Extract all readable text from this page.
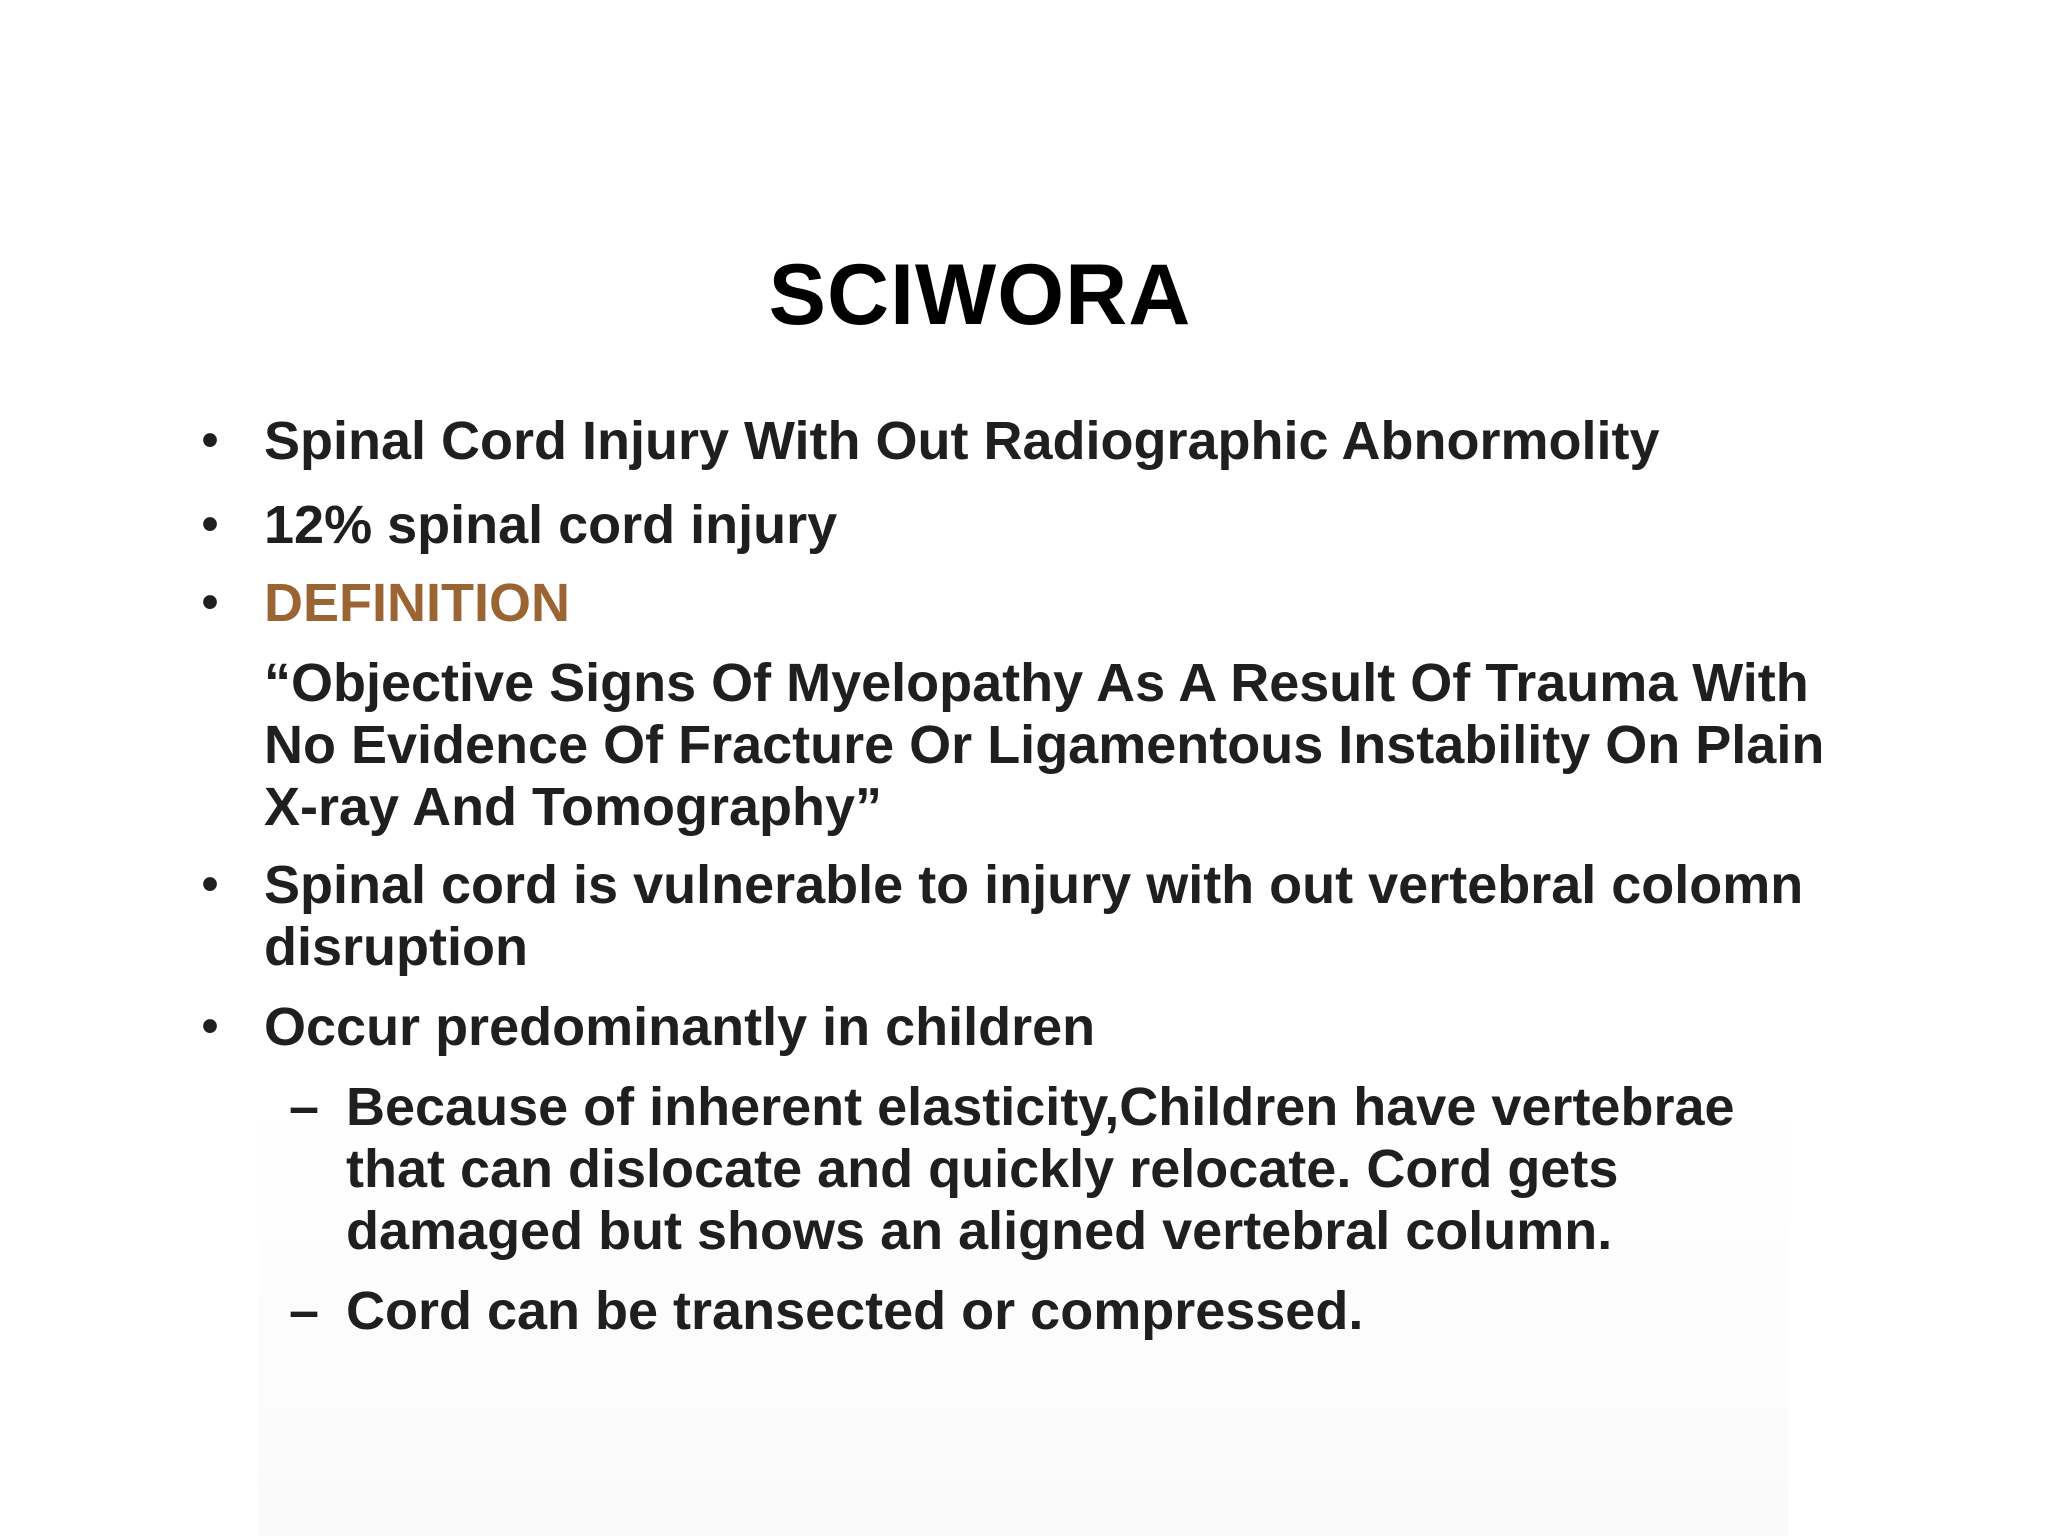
SCIWORA
• Spinal Cord Injury With Out Radiographic Abnormolity
• 12% spinal cord injury
• DEFINITION
“Objective Signs Of Myelopathy As A Result Of Trauma With No Evidence Of Fracture Or Ligamentous Instability On Plain X-ray And Tomography”
• Spinal cord is vulnerable to injury with out vertebral colomn disruption
• Occur predominantly in children
– Because of inherent elasticity,Children have vertebrae that can dislocate and quickly relocate. Cord gets damaged but shows an aligned vertebral column.
– Cord can be transected or compressed.
